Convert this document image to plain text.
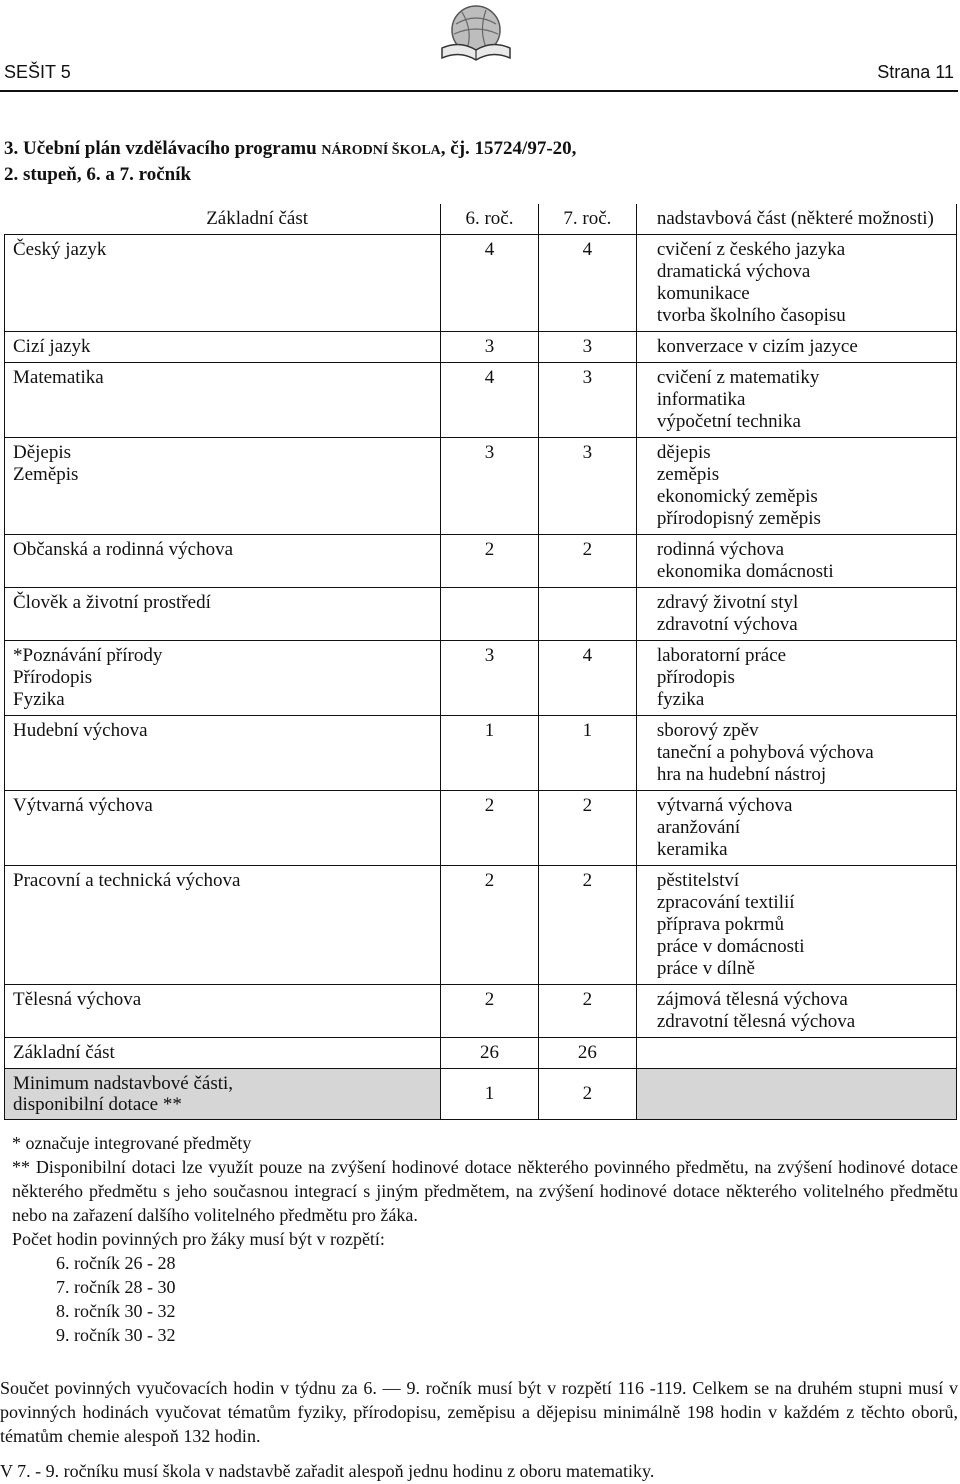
SEŠIT 5	Strana 11
3. Učební plán vzdělávacího programu NÁRODNÍ ŠKOLA, čj. 15724/97-20,
2. stupeň, 6. a 7. ročník
Základní část	6. roč.	7. roč.	nadstavbová část (některé možnosti)

Český jazyk	4	4	cvičení z českého jazyka
dramatická výchova
komunikace
tvorba školního časopisu

Cizí jazyk	3	3	konverzace v cizím jazyce

Matematika	4	3	cvičení z matematiky
informatika
výpočetní technika

Dějepis
Zeměpis	3	3	dějepis
zeměpis
ekonomický zeměpis
přírodopisný zeměpis

Občanská a rodinná výchova	2	2	rodinná výchova
ekonomika domácnosti

Člověk a životní prostředí			zdravý životní styl
zdravotní výchova

*Poznávání přírody
Přírodopis
Fyzika	3	4	laboratorní práce
přírodopis
fyzika

Hudební výchova	1	1	sborový zpěv
taneční a pohybová výchova
hra na hudební nástroj

Výtvarná výchova	2	2	výtvarná výchova
aranžování
keramika

Pracovní a technická výchova	2	2	pěstitelství
zpracování textilií
příprava pokrmů
práce v domácnosti
práce v dílně

Tělesná výchova	2	2	zájmová tělesná výchova
zdravotní tělesná výchova

Základní část	26	26	

Minimum nadstavbové části,
disponibilní dotace **	1	2	

* označuje integrované předměty

** Disponibilní dotaci lze využít pouze na zvýšení hodinové dotace některého povinného předmětu, na zvýšení hodinové dotace některého předmětu s jeho současnou integrací s jiným předmětem, na zvýšení hodinové dotace některého volitelného předmětu nebo na zařazení dalšího volitelného předmětu pro žáka.

Počet hodin povinných pro žáky musí být v rozpětí:

6. ročník 26 - 28

7. ročník 28 - 30

8. ročník 30 - 32

9. ročník 30 - 32

Součet povinných vyučovacích hodin v týdnu za 6. — 9. ročník musí být v rozpětí 116 -119. Celkem se na druhém stupni musí v povinných hodinách vyučovat tématům fyziky, přírodopisu, zeměpisu a dějepisu minimálně 198 hodin v každém z těchto oborů, tématům chemie alespoň 132 hodin.

V 7. - 9. ročníku musí škola v nadstavbě zařadit alespoň jednu hodinu z oboru matematiky.
